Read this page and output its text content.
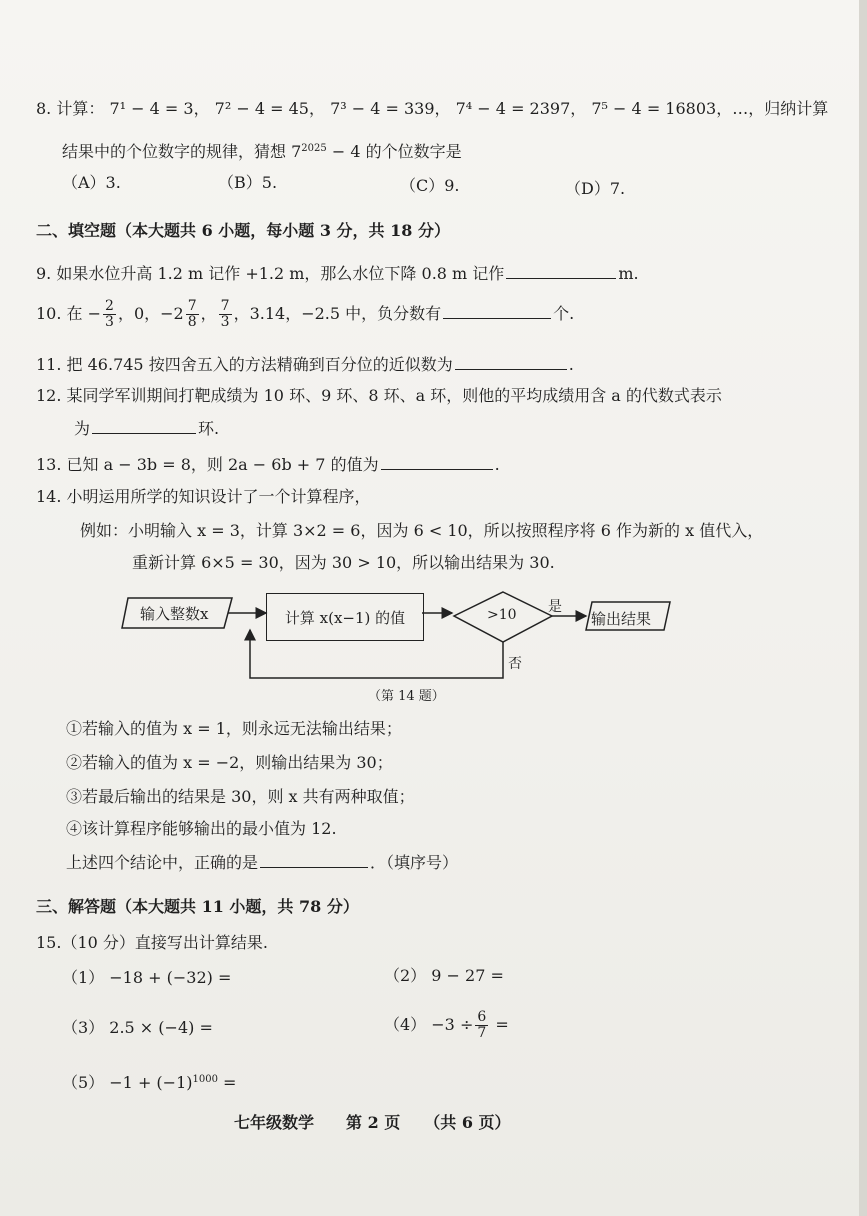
8. 计算： 7¹ − 4 = 3， 7² − 4 = 45， 7³ − 4 = 339， 7⁴ − 4 = 2397， 7⁵ − 4 = 16803，…，归纳计算
结果中的个位数字的规律，猜想 $7^{2025} - 4$ 的个位数字是
（A）3.	（B）5.	（C）9.	（D）7.
二、填空题（本大题共 6 小题，每小题 3 分，共 18 分）
9. 如果水位升高 1.2 m 记作 +1.2 m，那么水位下降 0.8 m 记作	m.
10. 在 − $\frac{2}{3}$ ，0，$-2 \frac{7}{8}$ ， $\frac{7}{3}$ ，3.14，−2.5 中，负分数有	个.
11. 把 46.745 按四舍五入的方法精确到百分位的近似数为	.
12. 某同学军训期间打靶成绩为 10 环、9 环、8 环、a 环，则他的平均成绩用含 a 的代数式表示
为	环.
13. 已知 a − 3b = 8，则 2a − 6b + 7 的值为	.
14. 小明运用所学的知识设计了一个计算程序，
例如：小明输入 x = 3，计算 3×2 = 6，因为 6 < 10，所以按照程序将 6 作为新的 x 值代入，
重新计算 6×5 = 30，因为 30 > 10，所以输出结果为 30.
计算 x(x−1) 的值
输入整数x	>10 是
输出结果
否
（第 14 题）
①若输入的值为 x = 1，则永远无法输出结果；
②若输入的值为 x = −2，则输出结果为 30；
③若最后输出的结果是 30，则 x 共有两种取值；
④该计算程序能够输出的最小值为 12.
上述四个结论中，正确的是	．（填序号）
三、解答题（本大题共 11 小题，共 78 分）
15.（10 分）直接写出计算结果.
（1） −18 + (−32) =	（2） 9 − 27 =
（3） 2.5 × (−4) =	$(4) -3 \div \frac{6}{7}$ =
$(5) -1 + (-1)^{1000}$ =
七年级数学　　第 2 页　　（共 6 页）
